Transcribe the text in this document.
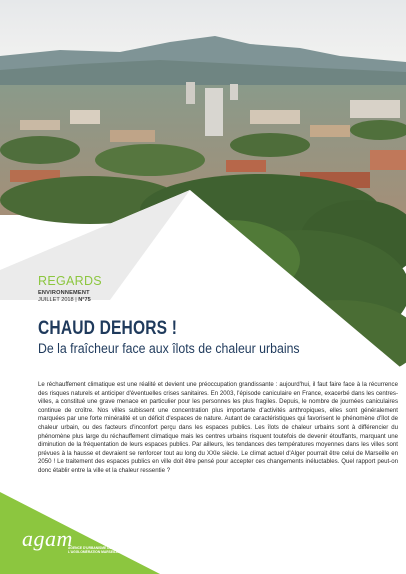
REGARDS
ENVIRONNEMENT
JUILLET 2018 | N°75
CHAUD DEHORS !
De la fraîcheur face aux îlots de chaleur urbains
Le réchauffement climatique est une réalité et devient une préoccupation grandissante : aujourd'hui, il faut faire face à la récurrence des risques naturels et anticiper d'éventuelles crises sanitaires. En 2003, l'épisode caniculaire en France, exacerbé dans les centres-villes, a constitué une grave menace en particulier pour les personnes les plus fragiles. Depuis, le nombre de journées caniculaires continue de croître. Nos villes subissent une concentration plus importante d'activités anthropiques, elles sont généralement marquées par une forte minéralité et un déficit d'espaces de nature. Autant de caractéristiques qui favorisent le phénomène d'îlot de chaleur urbain, ou des facteurs d'inconfort perçu dans les espaces publics. Les îlots de chaleur urbains sont à différencier du phénomène plus large du réchauffement climatique mais les centres urbains risquent toutefois de devenir étouffants, marquant une diminution de la fréquentation de leurs espaces publics. Par ailleurs, les tendances des températures moyennes dans les villes sont prévues à la hausse et devraient se renforcer tout au long du XXIe siècle. Le climat actuel d'Alger pourrait être celui de Marseille en 2050 ! Le traitement des espaces publics en ville doit être pensé pour accepter ces changements inéluctables. Quel rapport peut-on donc établir entre la ville et la chaleur ressentie ?
agam
AGENCE D'URBANISME DE L'AGGLOMÉRATION MARSEILLAISE
